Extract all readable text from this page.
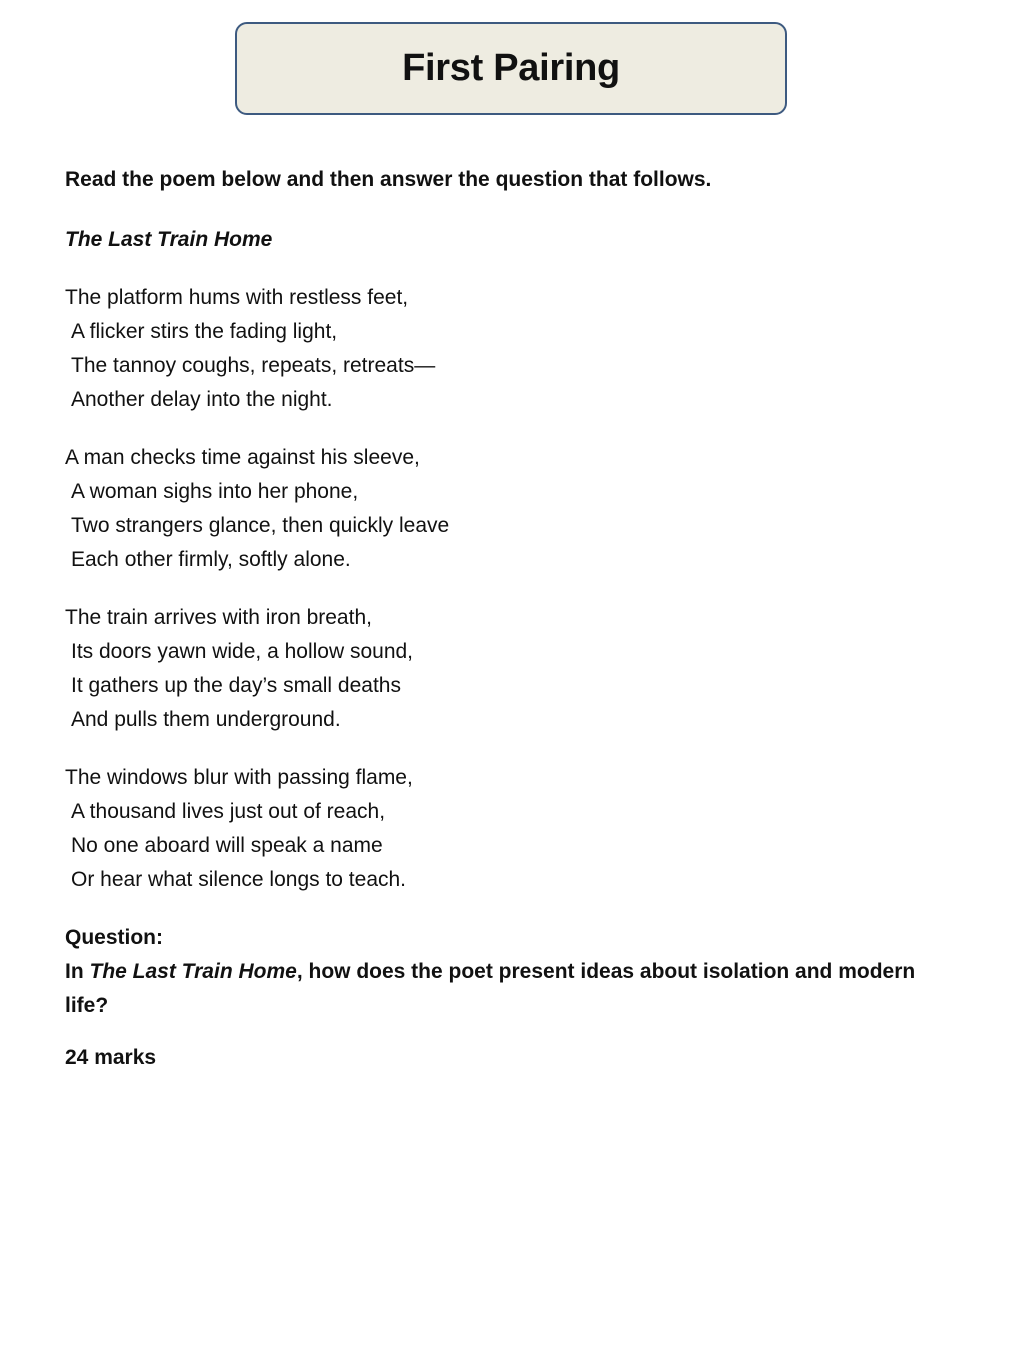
First Pairing

Read the poem below and then answer the question that follows.

The Last Train Home

The platform hums with restless feet,
A flicker stirs the fading light,
The tannoy coughs, repeats, retreats—
Another delay into the night.
A man checks time against his sleeve,
A woman sighs into her phone,
Two strangers glance, then quickly leave
Each other firmly, softly alone.
The train arrives with iron breath,
Its doors yawn wide, a hollow sound,
It gathers up the day’s small deaths
And pulls them underground.
The windows blur with passing flame,
A thousand lives just out of reach,
No one aboard will speak a name
Or hear what silence longs to teach.

Question:

In The Last Train Home, how does the poet present ideas about isolation and modern life?

24 marks
